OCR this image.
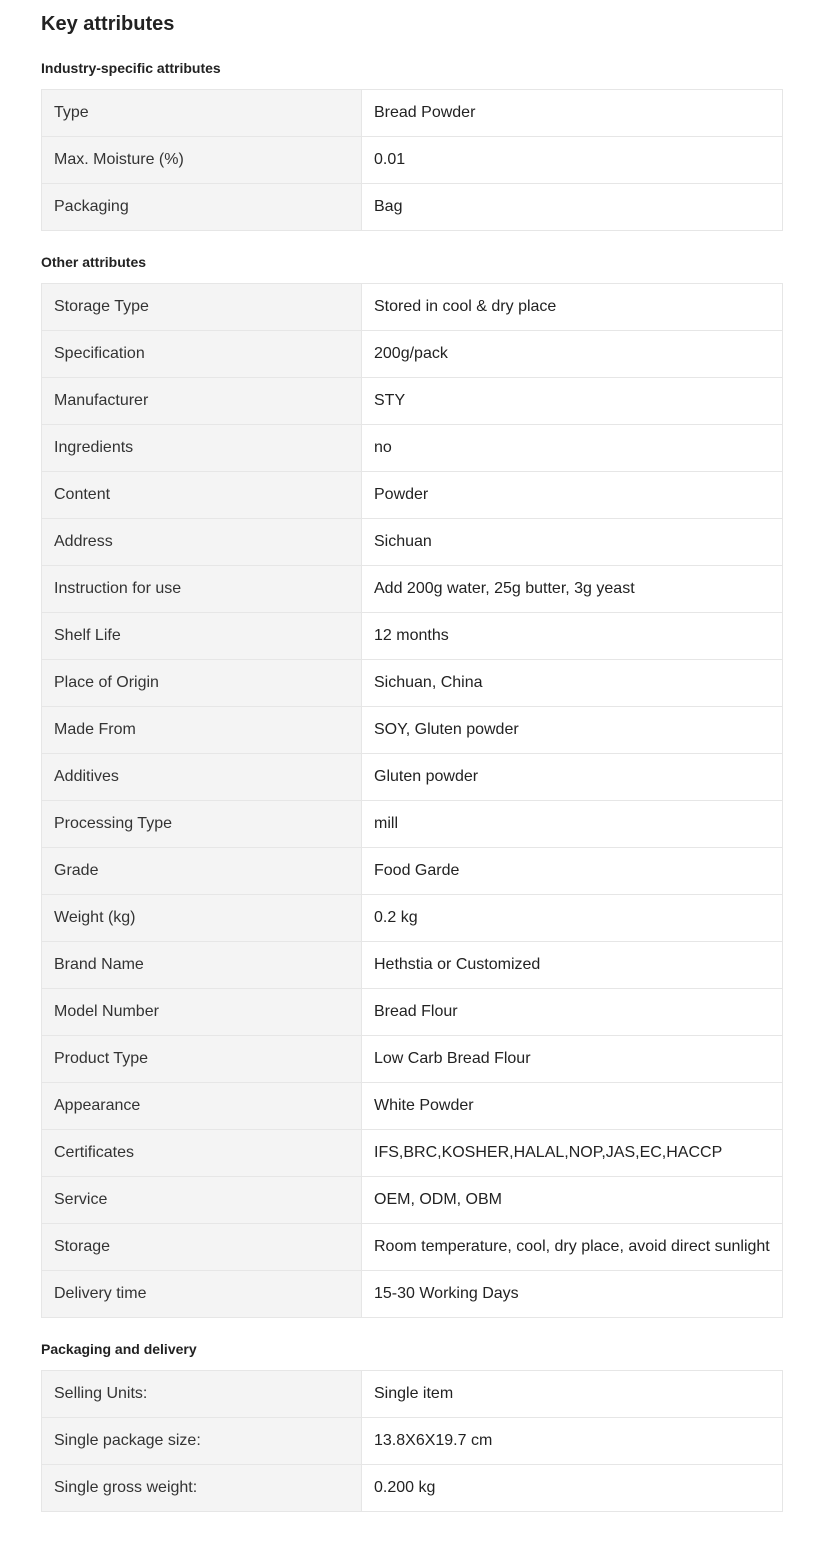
Key attributes
Industry-specific attributes
Type	Bread Powder
Max. Moisture (%)	0.01
Packaging	Bag
Other attributes
Storage Type	Stored in cool & dry place
Specification	200g/pack
Manufacturer	STY
Ingredients	no
Content	Powder
Address	Sichuan
Instruction for use	Add 200g water, 25g butter, 3g yeast
Shelf Life	12 months
Place of Origin	Sichuan, China
Made From	SOY, Gluten powder
Additives	Gluten powder
Processing Type	mill
Grade	Food Garde
Weight (kg)	0.2 kg
Brand Name	Hethstia or Customized
Model Number	Bread Flour
Product Type	Low Carb Bread Flour
Appearance	White Powder
Certificates	IFS,BRC,KOSHER,HALAL,NOP,JAS,EC,HACCP
Service	OEM, ODM, OBM
Storage	Room temperature, cool, dry place, avoid direct sunlight
Delivery time	15-30 Working Days
Packaging and delivery
Selling Units:	Single item
Single package size:	13.8X6X19.7 cm
Single gross weight:	0.200 kg
